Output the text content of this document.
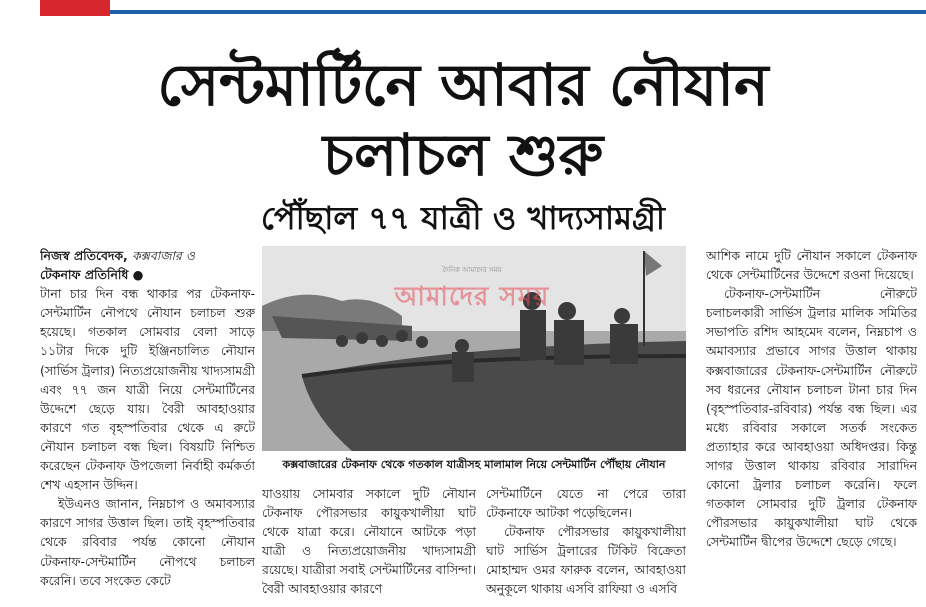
সেন্টমার্টিনে আবার নৌযান
চলাচল শুরু
পৌঁছাল ৭৭ যাত্রী ও খাদ্যসামগ্রী

নিজস্ব প্রতিবেদক, কক্সবাজার ও
টেকনাফ প্রতিনিধি ●

টানা চার দিন বন্ধ থাকার পর টেকনাফ-সেন্টমার্টিন নৌপথে নৌযান চলাচল শুরু হয়েছে। গতকাল সোমবার বেলা সাড়ে ১১টার দিকে দুটি ইঞ্জিনচালিত নৌযান (সার্ভিস ট্রলার) নিত্যপ্রয়োজনীয় খাদ্যসামগ্রী এবং ৭৭ জন যাত্রী নিয়ে সেন্টমার্টিনের উদ্দেশে ছেড়ে যায়। বৈরী আবহাওয়ার কারণে গত বৃহস্পতিবার থেকে এ রুটে নৌযান চলাচল বন্ধ ছিল। বিষয়টি নিশ্চিত করেছেন টেকনাফ উপজেলা নির্বাহী কর্মকর্তা শেখ এহসান উদ্দিন।

ইউএনও জানান, নিম্নচাপ ও অমাবস্যার কারণে সাগর উত্তাল ছিল। তাই বৃহস্পতিবার থেকে রবিবার পর্যন্ত কোনো নৌযান টেকনাফ-সেন্টমার্টিন নৌপথে চলাচল করেনি। তবে সংকেত কেটে

দৈনিক আমাদের সময়
আমাদের সময়
কক্সবাজারের টেকনাফ থেকে গতকাল যাত্রীসহ মালামাল নিয়ে সেন্টমার্টিন পৌঁছায় নৌযান

যাওয়ায় সোমবার সকালে দুটি নৌযান টেকনাফ পৌরসভার কায়ুকখালীয়া ঘাট থেকে যাত্রা করে। নৌযানে আটকে পড়া যাত্রী ও নিত্যপ্রয়োজনীয় খাদ্যসামগ্রী রয়েছে। যাত্রীরা সবাই সেন্টমার্টিনের বাসিন্দা। বৈরী আবহাওয়ার কারণে

সেন্টমার্টিনে যেতে না পেরে তারা টেকনাফে আটকা পড়েছিলেন।

টেকনাফ পৌরসভার কায়ুকখালীয়া ঘাট সার্ভিস ট্রলারের টিকিট বিক্রেতা মোহাম্মদ ওমর ফারুক বলেন, আবহাওয়া অনুকূলে থাকায় এসবি রাফিয়া ও এসবি

আশিক নামে দুটি নৌযান সকালে টেকনাফ থেকে সেন্টমার্টিনের উদ্দেশে রওনা দিয়েছে।

টেকনাফ-সেন্টমার্টিন নৌরুটে চলাচলকারী সার্ভিস ট্রলার মালিক সমিতির সভাপতি রশিদ আহমেদ বলেন, নিম্নচাপ ও অমাবস্যার প্রভাবে সাগর উত্তাল থাকায় কক্সবাজারের টেকনাফ-সেন্টমার্টিন নৌরুটে সব ধরনের নৌযান চলাচল টানা চার দিন (বৃহস্পতিবার-রবিবার) পর্যন্ত বন্ধ ছিল। এর মধ্যে রবিবার সকালে সতর্ক সংকেত প্রত্যাহার করে আবহাওয়া অধিদপ্তর। কিন্তু সাগর উত্তাল থাকায় রবিবার সারাদিন কোনো ট্রলার চলাচল করেনি। ফলে গতকাল সোমবার দুটি ট্রলার টেকনাফ পৌরসভার কায়ুকখালীয়া ঘাট থেকে সেন্টমার্টিন দ্বীপের উদ্দেশে ছেড়ে গেছে।
